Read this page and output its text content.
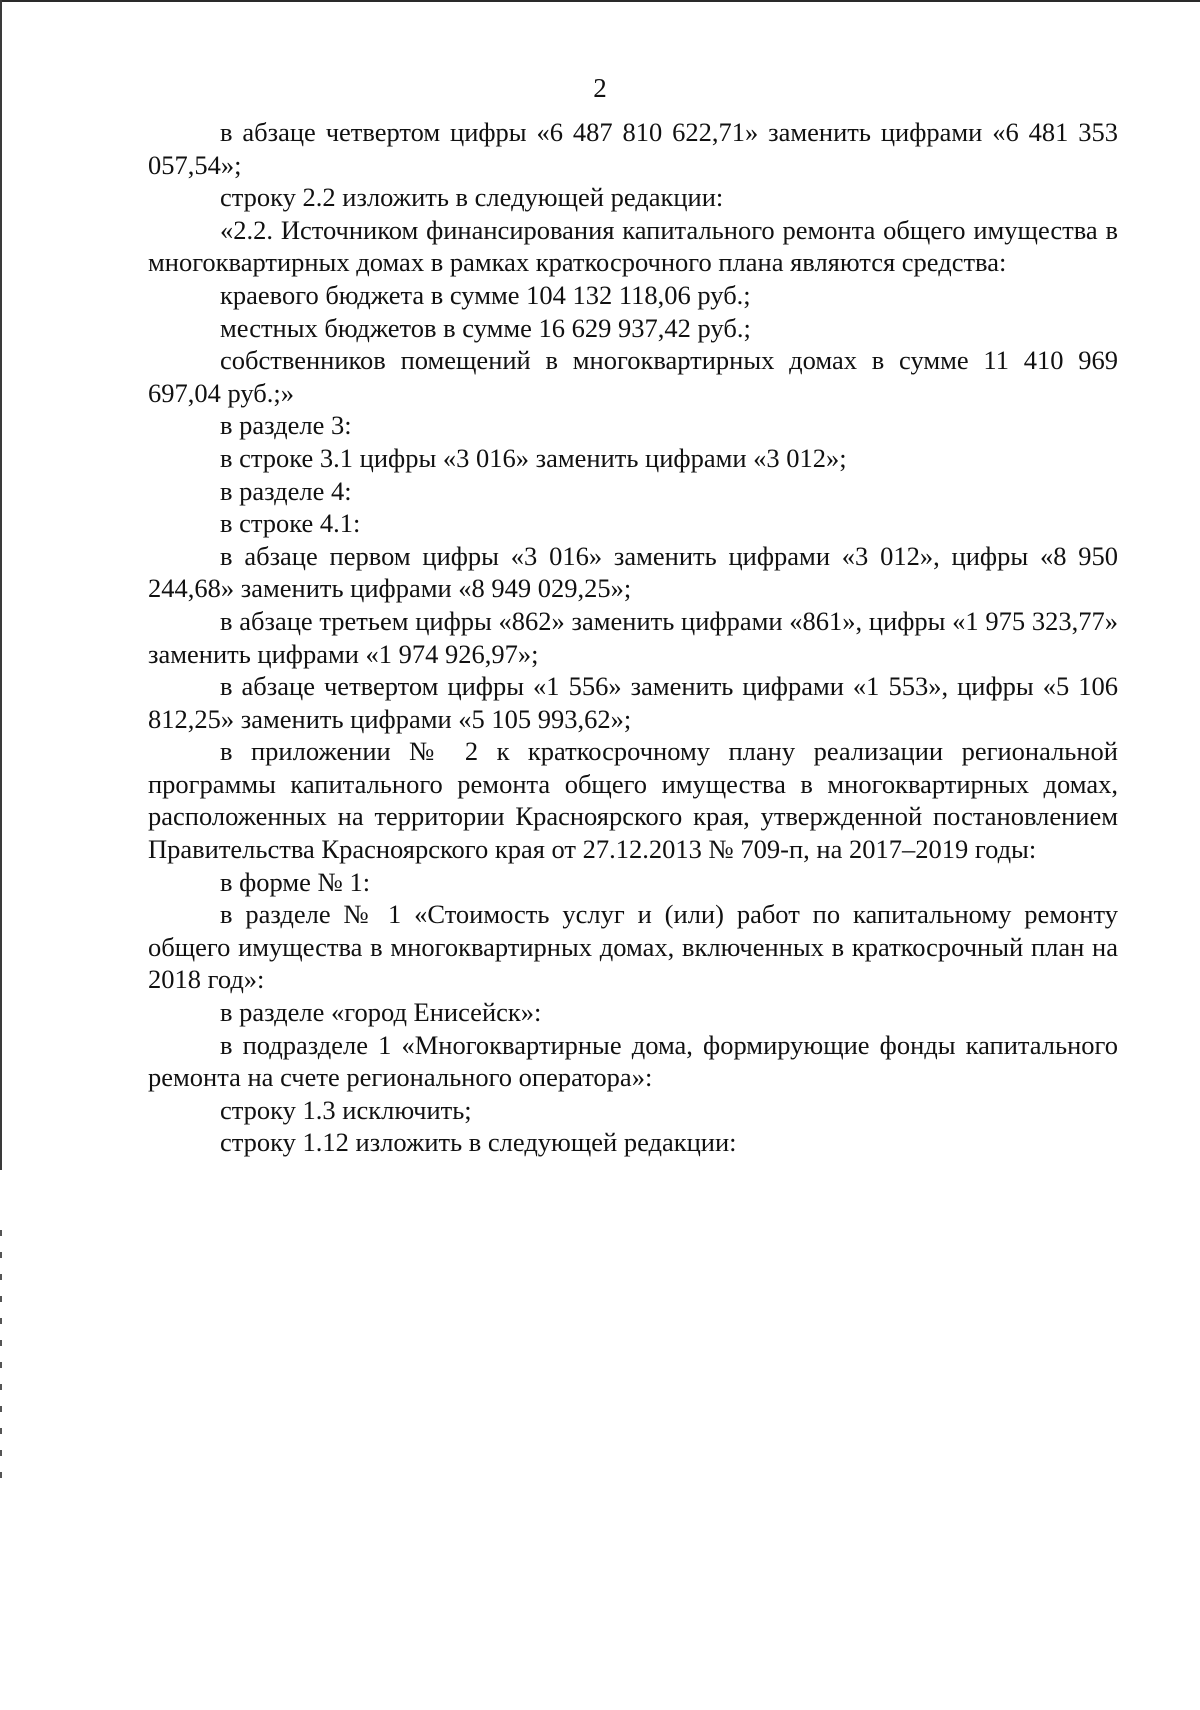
2

в абзаце четвертом цифры «6 487 810 622,71» заменить цифрами «6 481 353 057,54»;

строку 2.2 изложить в следующей редакции:

«2.2. Источником финансирования капитального ремонта общего имущества в многоквартирных домах в рамках краткосрочного плана являются средства:

краевого бюджета в сумме 104 132 118,06 руб.;

местных бюджетов в сумме 16 629 937,42 руб.;

собственников помещений в многоквартирных домах в сумме 11 410 969 697,04 руб.;»

в разделе 3:

в строке 3.1 цифры «3 016» заменить цифрами «3 012»;

в разделе 4:

в строке 4.1:

в абзаце первом цифры «3 016» заменить цифрами «3 012», цифры «8 950 244,68» заменить цифрами «8 949 029,25»;

в абзаце третьем цифры «862» заменить цифрами «861», цифры «1 975 323,77» заменить цифрами «1 974 926,97»;

в абзаце четвертом цифры «1 556» заменить цифрами «1 553», цифры «5 106 812,25» заменить цифрами «5 105 993,62»;

в приложении № 2 к краткосрочному плану реализации региональной программы капитального ремонта общего имущества в многоквартирных домах, расположенных на территории Красноярского края, утвержденной постановлением Правительства Красноярского края от 27.12.2013 № 709-п, на 2017–2019 годы:

в форме № 1:

в разделе № 1 «Стоимость услуг и (или) работ по капитальному ремонту общего имущества в многоквартирных домах, включенных в краткосрочный план на 2018 год»:

в разделе «город Енисейск»:

в подразделе 1 «Многоквартирные дома, формирующие фонды капитального ремонта на счете регионального оператора»:

строку 1.3 исключить;

строку 1.12 изложить в следующей редакции:
